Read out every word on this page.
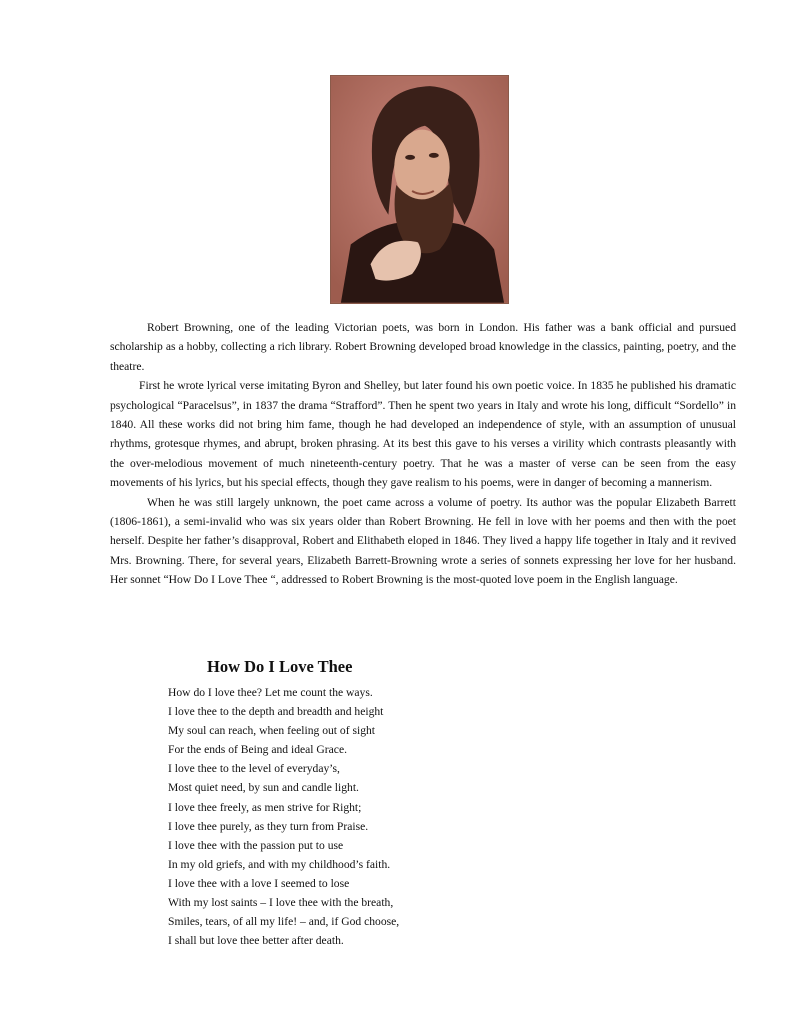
Robert Browning, one of the leading Victorian poets, was born in London. His father was a bank official and pursued scholarship as a hobby, collecting a rich library. Robert Browning developed broad knowledge in the classics, painting, poetry, and the theatre.

First he wrote lyrical verse imitating Byron and Shelley, but later found his own poetic voice. In 1835 he published his dramatic psychological “Paracelsus”, in 1837 the drama “Strafford”. Then he spent two years in Italy and wrote his long, difficult “Sordello” in 1840. All these works did not bring him fame, though he had developed an independence of style, with an assumption of unusual rhythms, grotesque rhymes, and abrupt, broken phrasing. At its best this gave to his verses a virility which contrasts pleasantly with the over-melodious movement of much nineteenth-century poetry. That he was a master of verse can be seen from the easy movements of his lyrics, but his special effects, though they gave realism to his poems, were in danger of becoming a mannerism.

When he was still largely unknown, the poet came across a volume of poetry. Its author was the popular Elizabeth Barrett (1806-1861), a semi-invalid who was six years older than Robert Browning. He fell in love with her poems and then with the poet herself. Despite her father’s disapproval, Robert and Elithabeth eloped in 1846. They lived a happy life together in Italy and it revived Mrs. Browning. There, for several years, Elizabeth Barrett-Browning wrote a series of sonnets expressing her love for her husband. Her sonnet “How Do I Love Thee “, addressed to Robert Browning is the most-quoted love poem in the English language.

How Do I Love Thee
How do I love thee? Let me count the ways.
I love thee to the depth and breadth and height
My soul can reach, when feeling out of sight
For the ends of Being and ideal Grace.
I love thee to the level of everyday’s,
Most quiet need, by sun and candle light.
I love thee freely, as men strive for Right;
I love thee purely, as they turn from Praise.
I love thee with the passion put to use
In my old griefs, and with my childhood’s faith.
I love thee with a love I seemed to lose
With my lost saints – I love thee with the breath,
Smiles, tears, of all my life! – and, if God choose,
I shall but love thee better after death.
